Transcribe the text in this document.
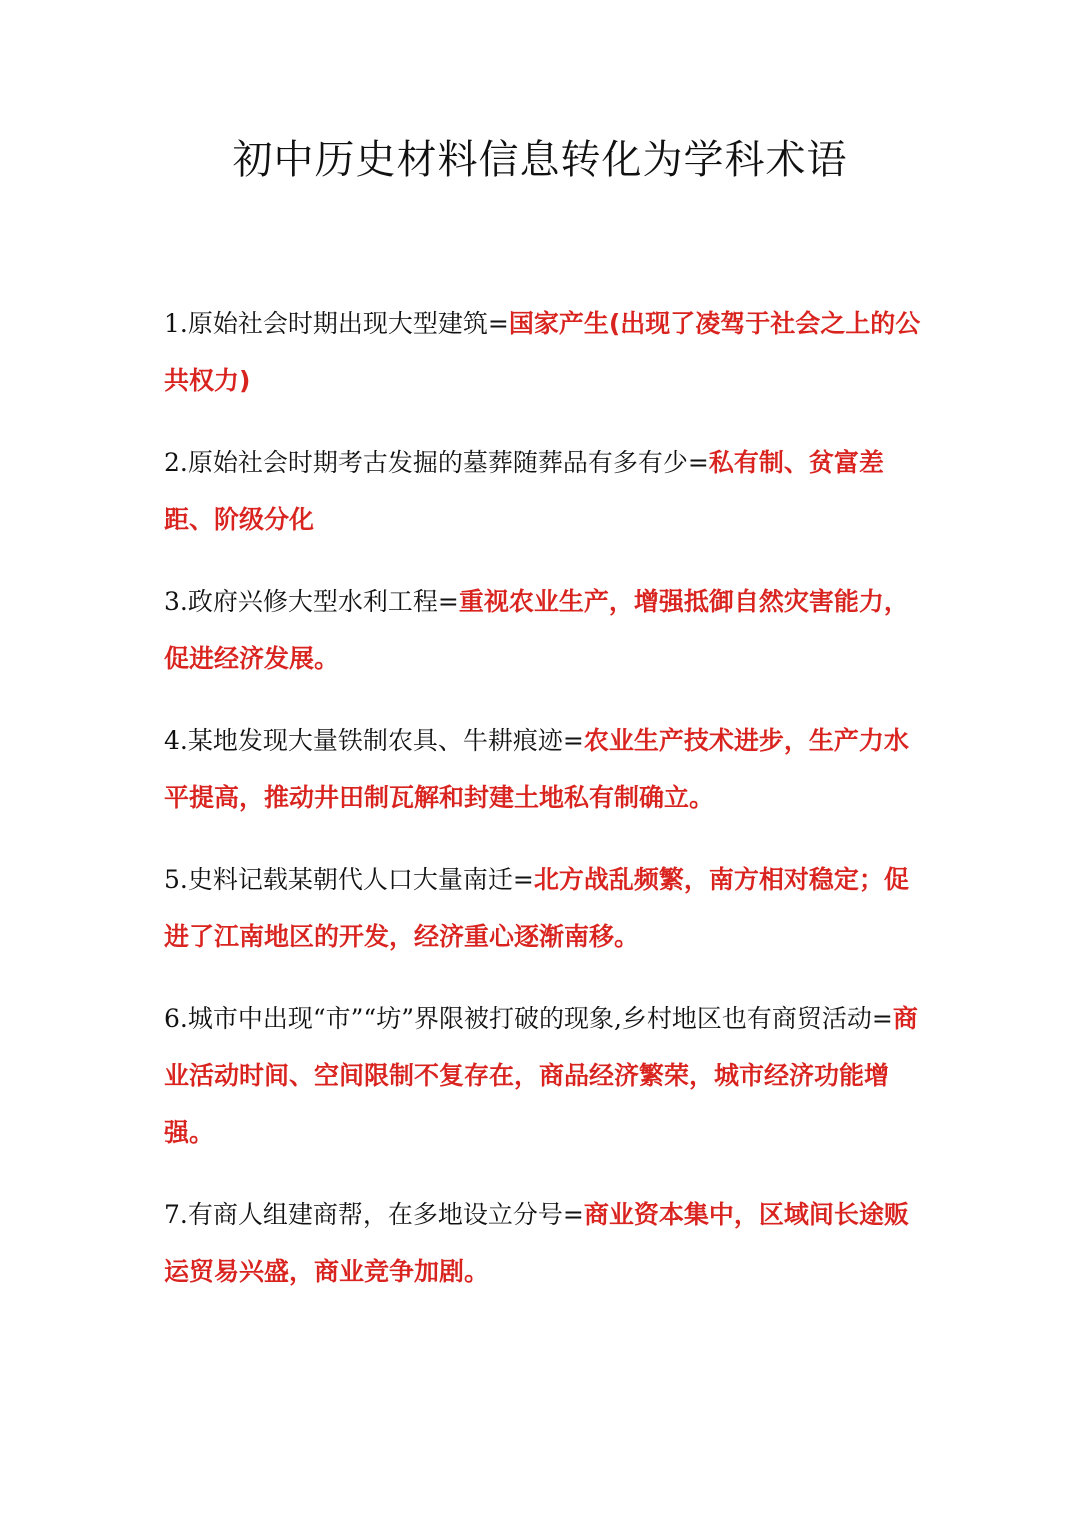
初中历史材料信息转化为学科术语
1.原始社会时期出现大型建筑=国家产生(出现了凌驾于社会之上的公共权力)
2.原始社会时期考古发掘的墓葬随葬品有多有少=私有制、贫富差距、阶级分化
3.政府兴修大型水利工程=重视农业生产，增强抵御自然灾害能力，促进经济发展。
4.某地发现大量铁制农具、牛耕痕迹=农业生产技术进步，生产力水平提高，推动井田制瓦解和封建土地私有制确立。
5.史料记载某朝代人口大量南迁=北方战乱频繁，南方相对稳定；促进了江南地区的开发，经济重心逐渐南移。
6.城市中出现“市”“坊”界限被打破的现象,乡村地区也有商贸活动=商业活动时间、空间限制不复存在，商品经济繁荣，城市经济功能增强。
7.有商人组建商帮，在多地设立分号=商业资本集中，区域间长途贩运贸易兴盛，商业竞争加剧。
